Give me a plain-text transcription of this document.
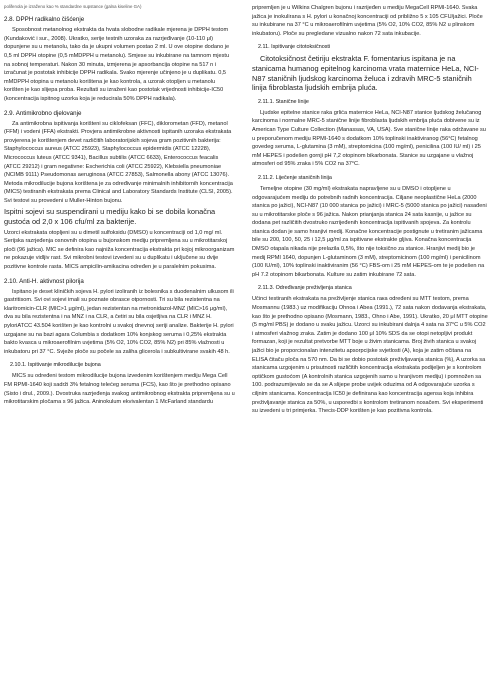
polifenola je izraženo kao % standardne supstance (galna kiseline GA)

2.8. DPPH radikalno čišćenje

Sposobnost metanolnog ekstrakta da hvata slobodne radikale mjerena je DPPH testom (Kundaković i sur., 2008). Ukratko, serije testnih uzoraka za razrjeđivanje (10-110 μl) dopunjene su u metanolu, tako da je ukupni volumen postao 2 ml. U ove otopine dodano je 0,5 ml DPPH otopine (0,5 mMDPPH u metanolu). Smjese su inkubirane na tamnom mjestu na sobnoj temperaturi. Nakon 30 minuta, izmjerena je apsorbancija otopine na 517 n i izračunat je postotak inhibicije DPPH radikala. Svako mjerenje učinjeno je u duplikatu. 0,5 mMDPPH otopina u metanolu korištena je kao kontrola, a uzorak otopljen u metanolu korišten je kao slijepa proba. Rezultati su izraženi kao postotak vrijednosti inhibicije-IC50 (koncentracija ispitnog uzorka koja je reducirala 50% DPPH radikala).

2.9. Antimikrobno djelovanje

Za antimikrobna ispitivanja korišteni su ciklofeksan (FFC), diklorometan (FFD), metanol (FFM) i vodeni (FFA) ekstrakti. Provjera antimikrobne aktivnosti ispitanih uzoraka ekstrakata provjerena je korištenjem devet različitih laboratorijskih sojeva gram pozitivnih bakterija: Staphylococcus aureus (ATCC 25923), Staphylococcus epidermidis (ATCC 12228), Micrococcus luteus (ATCC 9341), Bacillus subtilis (ATCC 6633), Enterococcus feacalis (ATCC 29212) i gram negativne: Escherichia coli (ATCC 25922), Klebsiella pneumoniae (NCIMB 9111) Pseudomonas aeruginosa (ATCC 27853), Salmonella abony (ATCC 13076). Metoda mikrodilucije bujona korištena je za određivanje minimalnih inhibitornih koncentracija (MICS) testiranih ekstrakata prema Clinical and Laboratory Standards Institute (CLSI, 2005). Svi testovi su provedeni u Muller-Hinton bujonu.

Ispitni sojevi su suspendirani u mediju kako bi se dobila konačna gustoća od 2,0 x 106 cfu/ml za bakterije.

Uzorci ekstrakata otopljeni su u dimetil sulfoksidu (DMSO) u koncentraciji od 1,0 mg/ ml. Serijska razrjeđenja osnovnih otopina u bujonskom mediju pripremljena su u mikrotitarskoj ploči (96 jažica). MIC se definira kao najniža koncentracija ekstrakta pri kojoj mikroorganizam ne pokazuje vidljiv rast. Svi mikrobni testovi izvedeni su u duplikatu i uključene su dvije pozitivne kontrole rasta. MICS ampicilin-amikacina određen je u paralelnim pokusima.

2.10. Anti-H. aktivnost pilorija

Ispitano je deset kliničkih sojeva H. pylori izoliranih iz bolesnika s duodenalnim ulkusom ili gastritisom. Svi ovi sojevi imali su poznate obrasce otpornosti. Tri su bila rezistentna na klaritromicin-CLR (MIC>1 μg/ml), jedan rezistentan na metronidazol-MNZ (MIC>16 μg/ml), dva su bila rezistentna i na MNZ i na CLR, a četiri su bila osjetljiva na CLR i MNZ H. pyloriATCC 43.504 korišten je kao kontrolni u svakoj dnevnoj seriji analize. Bakterije H. pylori uzgajane su na bazi agara Columbia s dodatkom 10% konjskog seruma i 0,25% ekstrakta bakto kvasca u mikroaerofilnim uvjetima (5% O2, 10% CO2, 85% N2) pri 85% vlažnosti u inkubatoru pri 37 °C. Svježe ploče su počele sa zaliha glicerola i subkultivirane svakih 48 h.

2.10.1. Ispitivanje mikrodilucije bujona

MICS su određeni testom mikrodilucije bujona izvedenim korištenjem mediju Mega Cell FM RPMI-1640 koji sadrži 3% fetalnog telećeg seruma (FCS), kao što je prethodno opisano (Sisto i drul., 2009.). Dvostruka razrjeđenja svakog antimikrobnog ekstrakta pripremljena su u mikrotitarskim pločama s 96 jažica. Aninokulum ekvivalentan 1 McFarland standardu

pripremljen je u Wilkins Chalgren bujonu i razrijeđen u mediju MegaCell RPMI-1640. Svaka jažica je inokulirana s H. pylori u konačnoj koncentraciji od približno 5 x 105 CFU/jažici. Ploče su inkubirane na 37 °C u mikroaerofilnim uvjetima (5% O2, 10% CO2, 85% N2 u plinskom inkubatoru). Ploče su pregledane vizualno nakon 72 sata inkubacije.

2.11. Ispitivanje citotoksičnosti

Citotoksičnost četiriju ekstrakta F. fomentarius ispitana je na stanicama humanog epitelnog karcinoma vrata maternice HeLa, NCI-N87 staničnih ljudskog karcinoma želuca i zdravih MRC-5 staničnih linija fibroblasta ljudskih embrija pluća.

2.11.1. Stanične linije

Ljudske epitelne stanice raka grlića maternice HeLa, NCI-N87 stanice ljudskog želučanog karcinoma i normalne MRC-5 stanične linije fibroblasta ljudskih embrija pluća dobivene su iz American Type Culture Collection (Manassas, VA, USA). Sve stanične linije raka održavane su u preporučenom mediju RPMI-1640 s dodatkom 10% toplinski inaktiviranog (56°C) fetalnog govedeg seruma, L-glutamina (3 mM), streptomicina (100 mg/ml), penicilina (100 IU/ ml) i 25 mM HEPES i podešen gornji pH 7,2 otopinom bikarbonata. Stanice su uzgajane u vlažnoj atmosferi od 95% zraka i 5% CO2 na 37°C.

2.11.2. Liječenje staničnih linija

Temeljne otopine (30 mg/ml) ekstrakata napravljene su u DMSO i otopljene u odgovarajućem mediju do potrebnih radnih koncentracija. Ciljane neoplastične HeLa (2000 stanica po jažici), NCI-N87 (10 000 stanica po jažici) i MRC-5 (5000 stanica po jažici) nasađeni su u mikrotitarske ploče s 96 jažica. Nakon prianjanja stanica 24 sata kasnije, u jažice su dodana pet različitih dvostruko razrijeđenih koncentracija ispitivanih spojeva. Za kontrolu stanica dodan je samo hranjivi medij. Konačne koncentracije postignute u tretiranim jažicama bile su 200, 100, 50, 25 i 12,5 μg/ml za ispitivane ekstrakte gljiva. Konačna koncentracija DMSO otapala nikada nije prelazila 0,5%, što nije toksično za stanice. Hranjivi medij bio je medij RPMI 1640, dopunjen L-glutaminom (3 mM), streptomicinom (100 mg/ml) i penicilinom (100 IU/ml), 10% toplinski inaktiviranim (56 °C) FBS-om i 25 mM HEPES-om te je podešen na pH 7.2 otopinom bikarbonata. Kulture su zatim inkubirane 72 sata.

2.11.3. Određivanje preživljenja stanica

Učinci testiranih ekstrakata na preživljenje stanica rака određeni su MTT testom, prema Mosmannu (1983.) uz modifikaciju Ohnoa i Abea (1991.), 72 sata nakon dodavanja ekstrakata, kao što je prethodno opisano (Mosmann, 1983., Ohno i Abe, 1991). Ukratko, 20 μl MTT otopine (5 mg/ml PBS) je dodano u svaku jažicu. Uzorci su inkubirani dalnja 4 sata na 37°C u 5% CO2 i atmosferi vlažnog zraka. Zatim je dodano 100 μl 10% SDS da se otopi netopljivi produkt formazan, koji je rezultat pretvorbe MTT boje u živim stanicama. Broj živih stanica u svakoj jažici bio je proporcionalan intenzitetu apsorpcijske svjetlosti (A), koja je zatim očitana na ELISA čitaču ploča na 570 nm. Da bi se dobio postotak preživljavanja stanica (%), A uzorka sa stanicama uzgojenim u prisutnosti različitih koncentracija ekstrakata podijeljen je s kontrolom optičkom gustoćom (A kontrolnih stanica uzgojenih samo u hranjivom mediju) i pomnožen sa 100. podrazumijevalo se da se A slijepe probe uvijek oduzima od A odgovarajuće uzorka s ciljnim stanicama. Koncentracija IC50 je definirana kao koncentracija agensa koja inhibira preživljavanje stanica za 50%, u usporedbi s kontrolom tretiranom nosačem. Svi eksperimenti su izvedeni u tri primjerka. Thecis-DDP korišten je kao pozitivna kontrola.
